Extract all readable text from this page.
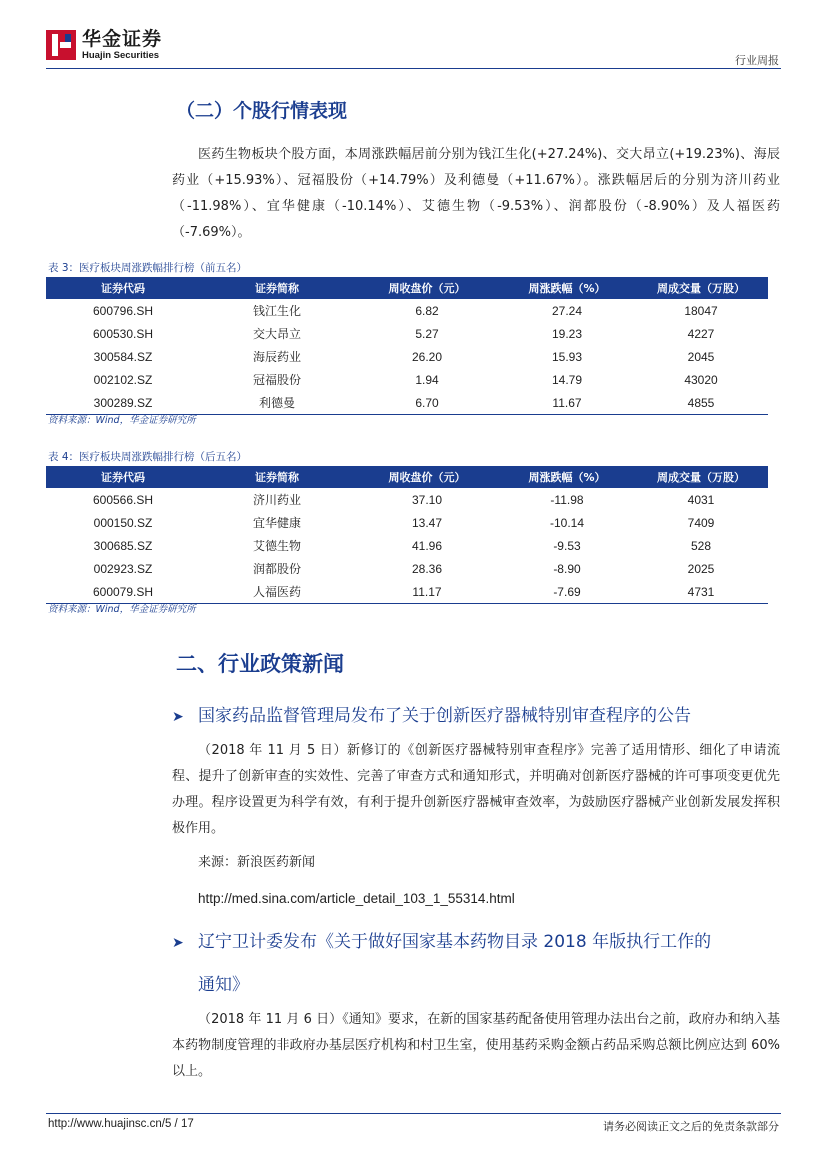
华金证券
Huajin Securities	行业周报
（二）个股行情表现

医药生物板块个股方面，本周涨跌幅居前分别为钱江生化(+27.24%)、交大昂立(+19.23%)、海辰药业（+15.93%）、冠福股份（+14.79%）及利德曼（+11.67%）。涨跌幅居后的分别为济川药业（-11.98%）、宜华健康（-10.14%）、艾德生物（-9.53%）、润都股份（-8.90%）及人福医药（-7.69%）。

表 3：医疗板块周涨跌幅排行榜（前五名）
证券代码	证券简称	周收盘价（元）	周涨跌幅（%）	周成交量（万股）
600796.SH	钱江生化	6.82	27.24	18047
600530.SH	交大昂立	5.27	19.23	4227
300584.SZ	海辰药业	26.20	15.93	2045
002102.SZ	冠福股份	1.94	14.79	43020
300289.SZ	利德曼	6.70	11.67	4855
资料来源：Wind，华金证券研究所
表 4：医疗板块周涨跌幅排行榜（后五名）
证券代码	证券简称	周收盘价（元）	周涨跌幅（%）	周成交量（万股）
600566.SH	济川药业	37.10	-11.98	4031
000150.SZ	宜华健康	13.47	-10.14	7409
300685.SZ	艾德生物	41.96	-9.53	528
002923.SZ	润都股份	28.36	-8.90	2025
600079.SH	人福医药	11.17	-7.69	4731
资料来源：Wind，华金证券研究所
二、行业政策新闻
➤ 国家药品监督管理局发布了关于创新医疗器械特别审查程序的公告

（2018 年 11 月 5 日）新修订的《创新医疗器械特别审查程序》完善了适用情形、细化了申请流程、提升了创新审查的实效性、完善了审查方式和通知形式，并明确对创新医疗器械的许可事项变更优先办理。程序设置更为科学有效，有利于提升创新医疗器械审查效率，为鼓励医疗器械产业创新发展发挥积极作用。

来源：新浪医药新闻

http://med.sina.com/article_detail_103_1_55314.html

➤ 辽宁卫计委发布《关于做好国家基本药物目录 2018 年版执行工作的
通知》

（2018 年 11 月 6 日）《通知》要求，在新的国家基药配备使用管理办法出台之前，政府办和纳入基本药物制度管理的非政府办基层医疗机构和村卫生室，使用基药采购金额占药品采购总额比例应达到 60%以上。

http://www.huajinsc.cn/5 / 17	请务必阅读正文之后的免责条款部分
